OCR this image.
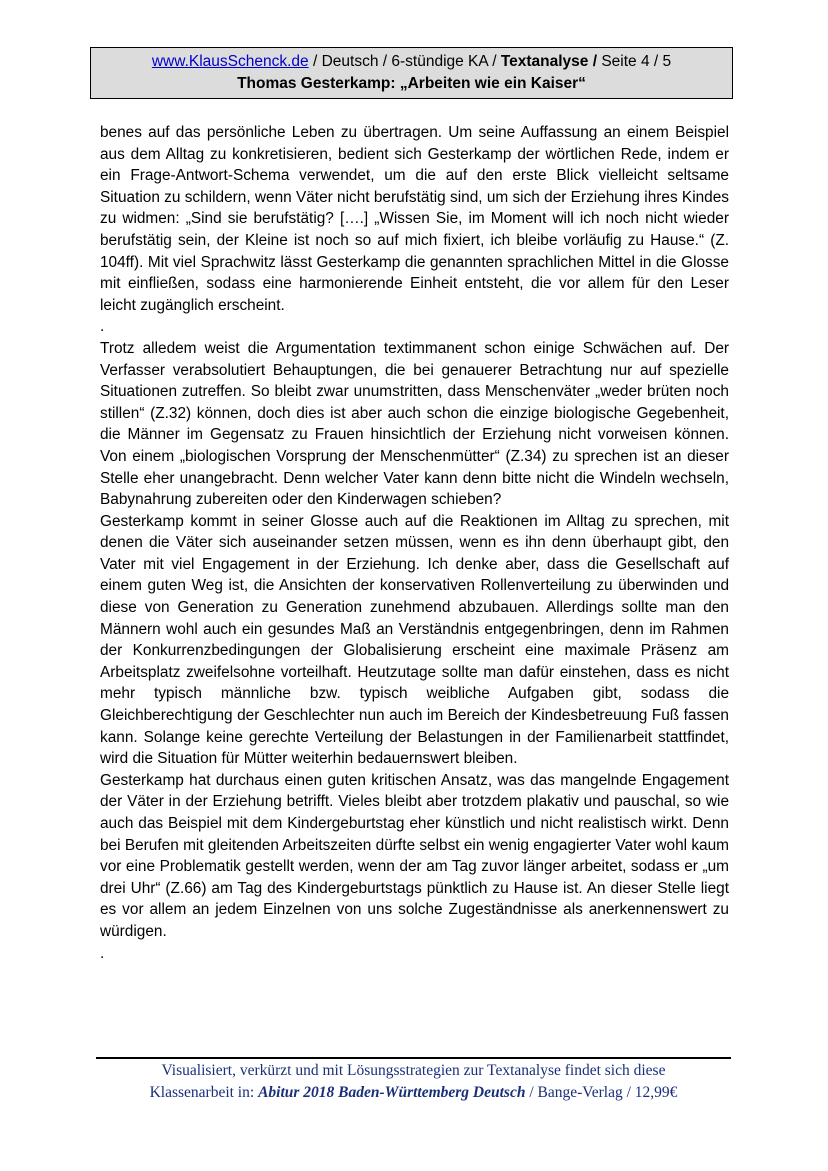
www.KlausSchenck.de / Deutsch / 6-stündige KA / Textanalyse / Seite 4 / 5
Thomas Gesterkamp: „Arbeiten wie ein Kaiser“

benes auf das persönliche Leben zu übertragen. Um seine Auffassung an einem Beispiel aus dem Alltag zu konkretisieren, bedient sich Gesterkamp der wörtlichen Rede, indem er ein Frage-Antwort-Schema verwendet, um die auf den erste Blick vielleicht seltsame Situation zu schildern, wenn Väter nicht berufstätig sind, um sich der Erziehung ihres Kindes zu widmen: „Sind sie berufstätig? [….] „Wissen Sie, im Moment will ich noch nicht wieder berufstätig sein, der Kleine ist noch so auf mich fixiert, ich bleibe vorläufig zu Hause.“ (Z. 104ff). Mit viel Sprachwitz lässt Gesterkamp die genannten sprachlichen Mittel in die Glosse mit einfließen, sodass eine harmonierende Einheit entsteht, die vor allem für den Leser leicht zugänglich erscheint.

.

Trotz alledem weist die Argumentation textimmanent schon einige Schwächen auf. Der Verfasser verabsolutiert Behauptungen, die bei genauerer Betrachtung nur auf spezielle Situationen zutreffen. So bleibt zwar unumstritten, dass Menschenväter „weder brüten noch stillen“ (Z.32) können, doch dies ist aber auch schon die einzige biologische Gegebenheit, die Männer im Gegensatz zu Frauen hinsichtlich der Erziehung nicht vorweisen können. Von einem „biologischen Vorsprung der Menschenmütter“ (Z.34) zu sprechen ist an dieser Stelle eher unangebracht. Denn welcher Vater kann denn bitte nicht die Windeln wechseln, Babynahrung zubereiten oder den Kinderwagen schieben?

Gesterkamp kommt in seiner Glosse auch auf die Reaktionen im Alltag zu sprechen, mit denen die Väter sich auseinander setzen müssen, wenn es ihn denn überhaupt gibt, den Vater mit viel Engagement in der Erziehung. Ich denke aber, dass die Gesellschaft auf einem guten Weg ist, die Ansichten der konservativen Rollenverteilung zu überwinden und diese von Generation zu Generation zunehmend abzubauen. Allerdings sollte man den Männern wohl auch ein gesundes Maß an Verständnis entgegenbringen, denn im Rahmen der Konkurrenzbedingungen der Globalisierung erscheint eine maximale Präsenz am Arbeitsplatz zweifelsohne vorteilhaft. Heutzutage sollte man dafür einstehen, dass es nicht mehr typisch männliche bzw. typisch weibliche Aufgaben gibt, sodass die Gleichberechtigung der Geschlechter nun auch im Bereich der Kindesbetreuung Fuß fassen kann. Solange keine gerechte Verteilung der Belastungen in der Familienarbeit stattfindet, wird die Situation für Mütter weiterhin bedauernswert bleiben.

Gesterkamp hat durchaus einen guten kritischen Ansatz, was das mangelnde Engagement der Väter in der Erziehung betrifft. Vieles bleibt aber trotzdem plakativ und pauschal, so wie auch das Beispiel mit dem Kindergeburtstag eher künstlich und nicht realistisch wirkt. Denn bei Berufen mit gleitenden Arbeitszeiten dürfte selbst ein wenig engagierter Vater wohl kaum vor eine Problematik gestellt werden, wenn der am Tag zuvor länger arbeitet, sodass er „um drei Uhr“ (Z.66) am Tag des Kindergeburtstags pünktlich zu Hause ist. An dieser Stelle liegt es vor allem an jedem Einzelnen von uns solche Zugeständnisse als anerkennenswert zu würdigen.

.

Visualisiert, verkürzt und mit Lösungsstrategien zur Textanalyse findet sich diese
Klassenarbeit in: Abitur 2018 Baden-Württemberg Deutsch / Bange-Verlag / 12,99€
